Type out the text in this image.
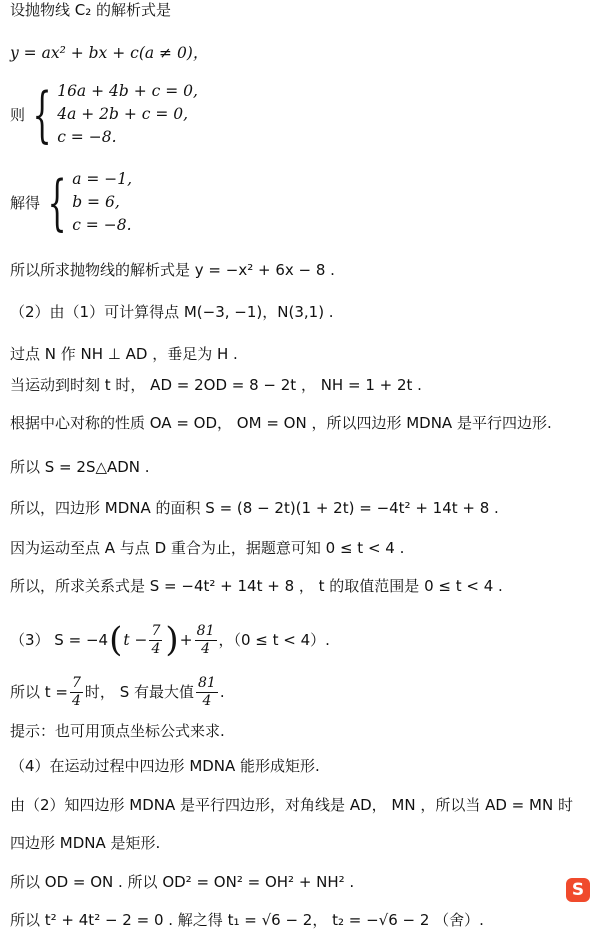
设抛物线 C₂ 的解析式是
y = ax² + bx + c(a ≠ 0)，
则 { 16a + 4b + c = 0,
4a + 2b + c = 0,
c = −8.
解得 { a = −1,
b = 6,
c = −8.
所以所求抛物线的解析式是 y = −x² + 6x − 8 .
（2）由（1）可计算得点 M(−3, −1)，N(3,1) .
过点 N 作 NH ⊥ AD ，垂足为 H .
当运动到时刻 t 时， AD = 2OD = 8 − 2t ， NH = 1 + 2t .
根据中心对称的性质 OA = OD， OM = ON ，所以四边形 MDNA 是平行四边形.
所以 S = 2S△ADN .
所以，四边形 MDNA 的面积 S = (8 − 2t)(1 + 2t) = −4t² + 14t + 8 .
因为运动至点 A 与点 D 重合为止，据题意可知 0 ≤ t < 4 .
所以，所求关系式是 S = −4t² + 14t + 8 ， t 的取值范围是 0 ≤ t < 4 .
（3） S = −4 ( $t - \frac{7}{4}$ ) + $\frac{81}{4}$ ，（0 ≤ t < 4）.
所以 $t = \frac{7}{4}$ 时， S 有最大值 $\frac{81}{4}$ .
提示：也可用顶点坐标公式来求.
（4）在运动过程中四边形 MDNA 能形成矩形.
由（2）知四边形 MDNA 是平行四边形，对角线是 AD， MN ，所以当 AD = MN 时
四边形 MDNA 是矩形.
所以 OD = ON . 所以 OD² = ON² = OH² + NH² .
所以 t² + 4t² − 2 = 0 . 解之得 t₁ = √6 − 2， t₂ = −√6 − 2 （舍）.
S
